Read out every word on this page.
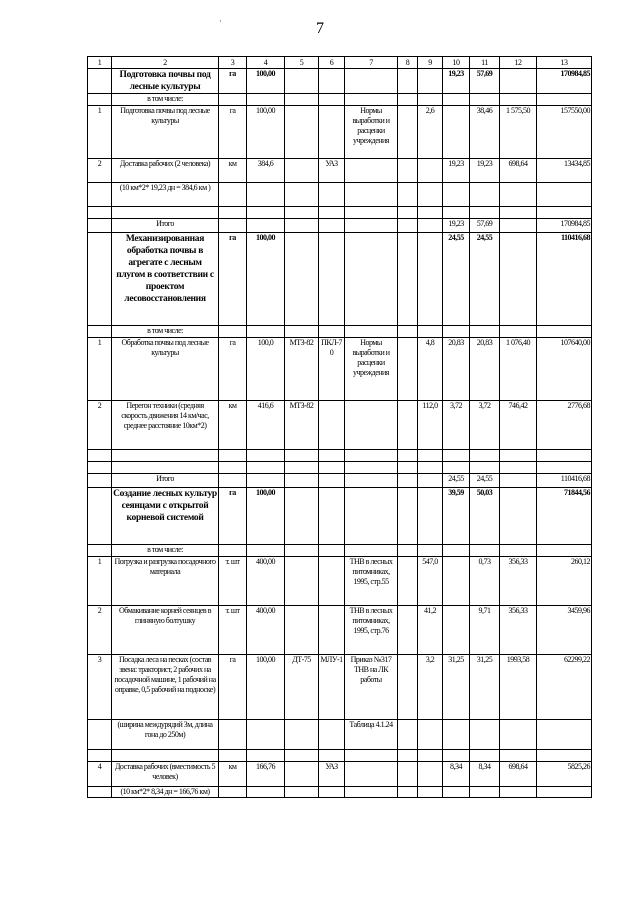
7
·
1	2	3	4	5	6	7	8	9	10	11	12	13
	Подготовка почвы под лесные культуры	га	100,00						19,23	57,69		170984,85
	в том числе:											
1	Подготовка почвы под лесные культуры	га	100,00			Нормы выработки и расценки учреждения		2,6		38,46	1 575,50	157550,00
2	Доставка рабочих (2 человека)	км	384,6		УАЗ				19,23	19,23	698,64	13434,85
	(10 км*2* 19,23 дн = 384,6 км )											

	Итого								19,23	57,69		170984,85
	Механизированная обработка почвы в агрегате с лесным плугом в соответствии с проектом лесовосстановления	га	100,00						24,55	24,55		110416,68
	в том числе:											
1	Обработка почвы под лесные культуры	га	100,0	МТЗ-82	ПКЛ-70	Нормы выработки и расценки учреждения		4,8	20,83	20,83	1 076,40	107640,00
2	Перегон техники (средняя скорость движения 14 км/час, среднее расстояние 10км*2)	км	416,6	МТЗ-82				112,0	3,72	3,72	746,42	2776,68

	Итого								24,55	24,55		110416,68
	Создание лесных культур сеянцами с открытой корневой системой	га	100,00						39,59	50,03		71844,56
	в том числе:											
1	Погрузка и разгрузка посадочного материала	т. шт	400,00			ТНВ в лесных питомниках, 1995, стр.55		547,0		0,73	356,33	260,12
2	Обмакивание корней сеянцев в глиняную болтушку	т. шт	400,00			ТНВ в лесных питомниках, 1995, стр.76		41,2		9,71	356,33	3459,96
3	Посадка леса на песках (состав звена: тракторист, 2 рабочих на посадочной машине, 1 рабочий на оправке, 0,5 рабочий на подноске)	га	100,00	ДТ-75	МЛУ-1	Приказ №317 ТНВ на ЛК работы		3,2	31,25	31,25	1993,58	62299,22
	(ширина междурядий 3м, длина гона до 250м)					Таблица 4.1.24						

4	Доставка рабочих (вместимость 5 человек)	км	166,76		УАЗ				8,34	8,34	698,64	5825,26
	(10 км*2* 8,34 дн = 166,76 км)											
